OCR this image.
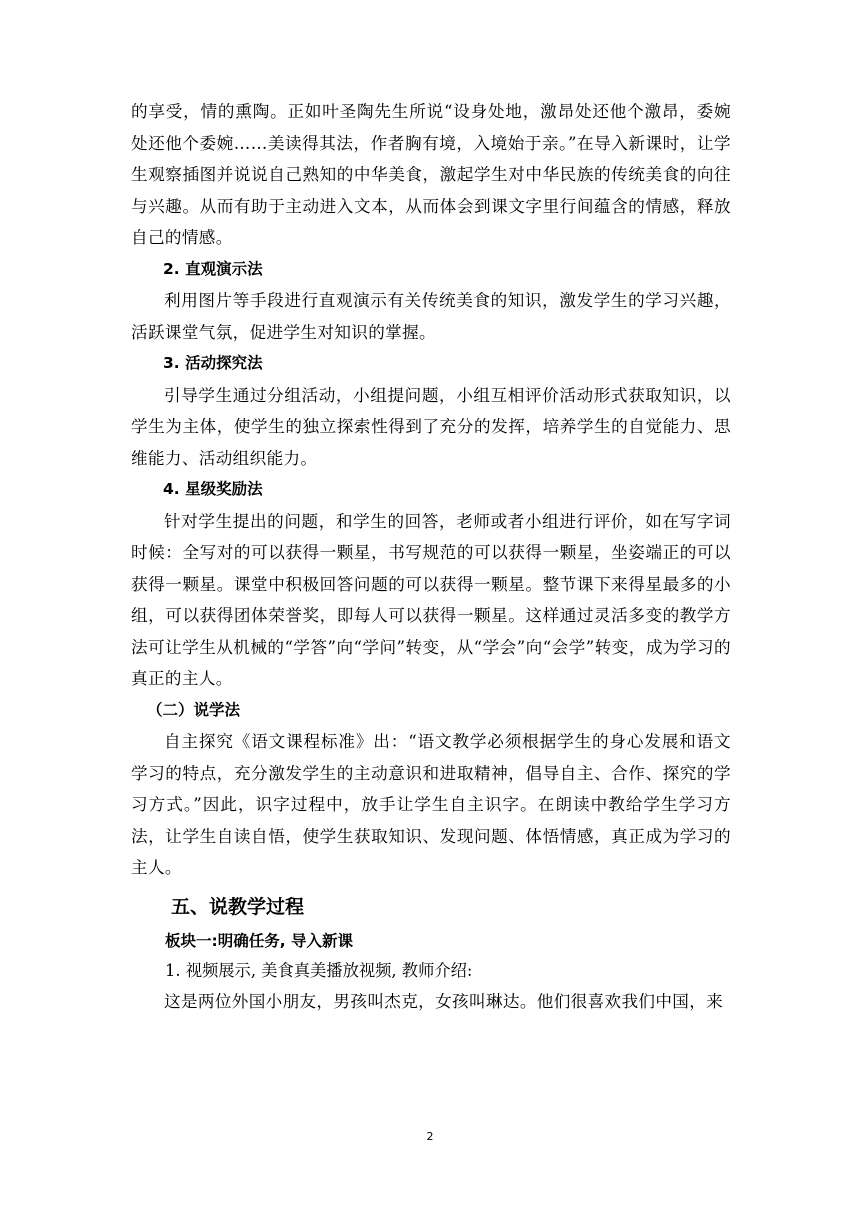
的享受，情的熏陶。正如叶圣陶先生所说“设身处地，激昂处还他个激昂，委婉处还他个委婉……美读得其法，作者胸有境，入境始于亲。”在导入新课时，让学生观察插图并说说自己熟知的中华美食，激起学生对中华民族的传统美食的向往与兴趣。从而有助于主动进入文本，从而体会到课文字里行间蕴含的情感，释放自己的情感。

2. 直观演示法

利用图片等手段进行直观演示有关传统美食的知识，激发学生的学习兴趣，活跃课堂气氛，促进学生对知识的掌握。

3. 活动探究法

引导学生通过分组活动，小组提问题，小组互相评价活动形式获取知识，以学生为主体，使学生的独立探索性得到了充分的发挥，培养学生的自觉能力、思维能力、活动组织能力。

4. 星级奖励法

针对学生提出的问题，和学生的回答，老师或者小组进行评价，如在写字词时候：全写对的可以获得一颗星，书写规范的可以获得一颗星，坐姿端正的可以获得一颗星。课堂中积极回答问题的可以获得一颗星。整节课下来得星最多的小组，可以获得团体荣誉奖，即每人可以获得一颗星。这样通过灵活多变的教学方法可让学生从机械的“学答”向“学问”转变，从“学会”向“会学”转变，成为学习的真正的主人。

（二）说学法

自主探究《语文课程标准》出：“语文教学必须根据学生的身心发展和语文学习的特点，充分激发学生的主动意识和进取精神，倡导自主、合作、探究的学习方式。”因此，识字过程中，放手让学生自主识字。在朗读中教给学生学习方法，让学生自读自悟，使学生获取知识、发现问题、体悟情感，真正成为学习的主人。

五、说教学过程

板块一:明确任务, 导入新课

1. 视频展示, 美食真美播放视频, 教师介绍:

这是两位外国小朋友，男孩叫杰克，女孩叫琳达。他们很喜欢我们中国，来

2
